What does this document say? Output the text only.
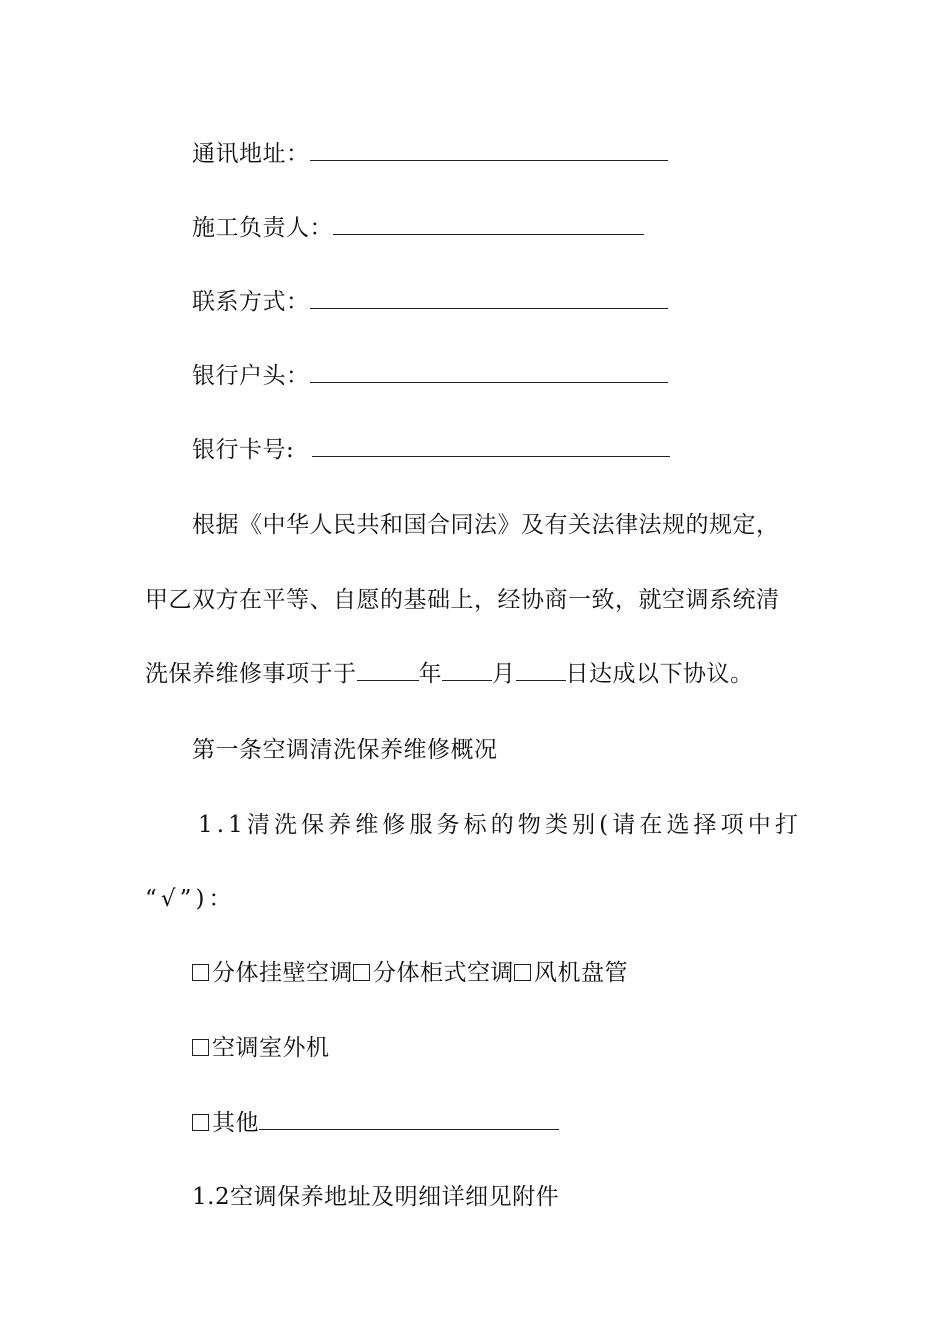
通讯地址：
施工负责人：
联系方式：
银行户头：
银行卡号:
根据《中华人民共和国合同法》及有关法律法规的规定，
甲乙双方在平等、自愿的基础上，经协商一致，就空调系统清
洗保养维修事项于于	年 月 日达成以下协议。
第一条空调清洗保养维修概况
1.1清洗保养维修服务标的物类别(请在选择项中打
“√”)：
分体挂壁空调 分体柜式空调 风机盘管
空调室外机
其他
1.2空调保养地址及明细详细见附件
